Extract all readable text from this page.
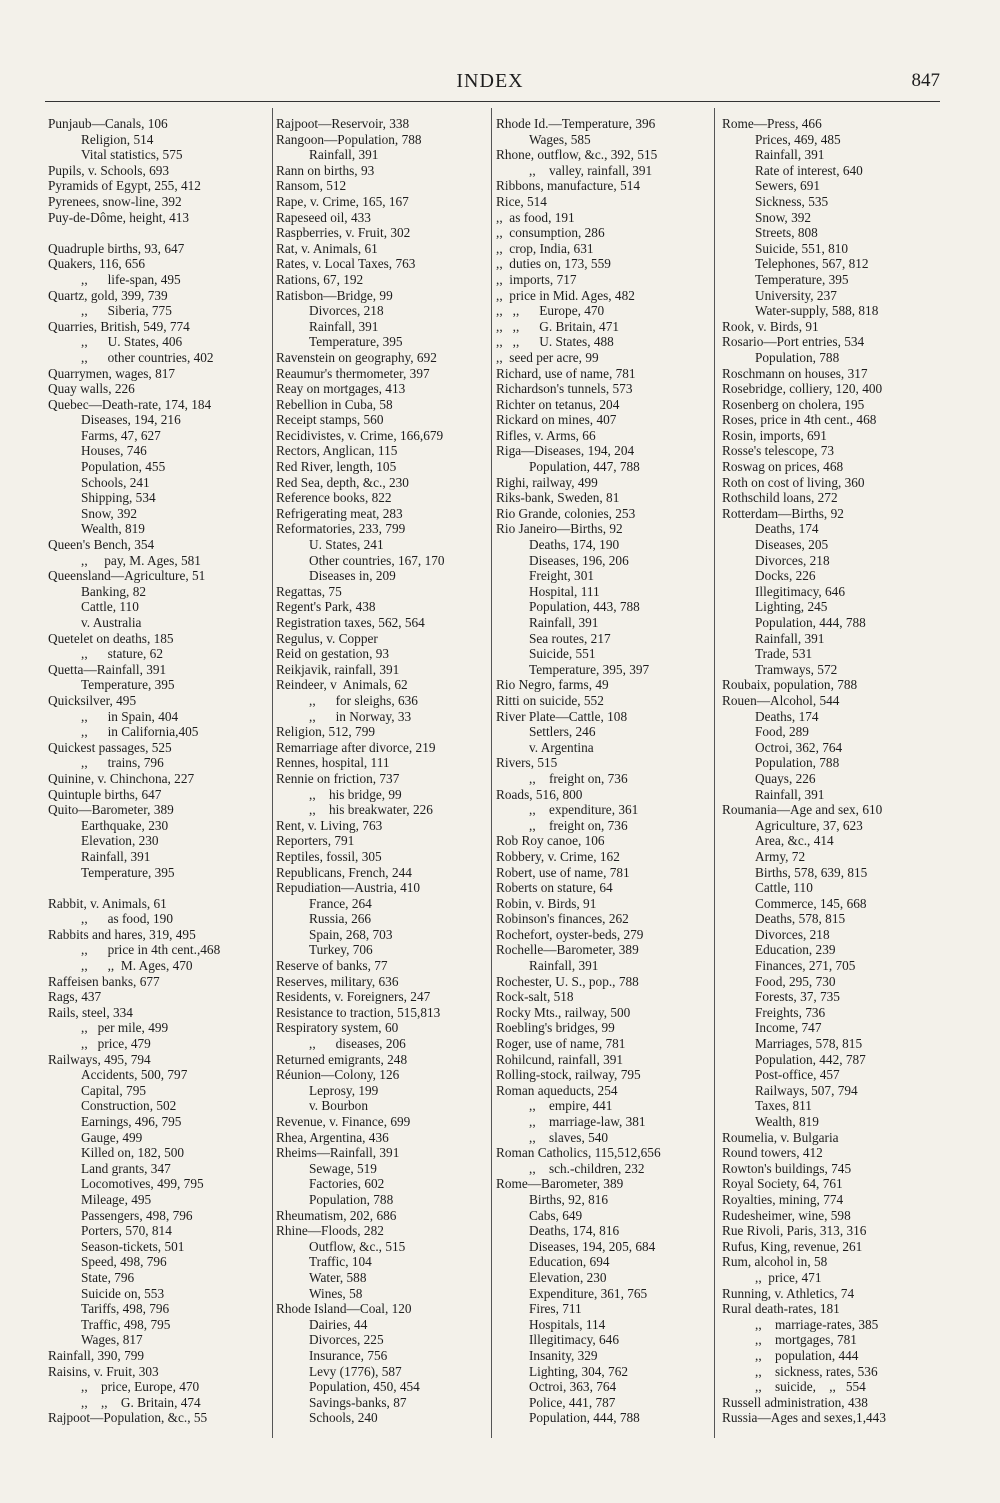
INDEX	847
Punjaub—Canals, 106
Religion, 514
Vital statistics, 575
Pupils, v. Schools, 693
Pyramids of Egypt, 255, 412
Pyrenees, snow-line, 392
Puy-de-Dôme, height, 413
Quadruple births, 93, 647
Quakers, 116, 656
,,      life-span, 495
Quartz, gold, 399, 739
,,      Siberia, 775
Quarries, British, 549, 774
,,      U. States, 406
,,      other countries, 402
Quarrymen, wages, 817
Quay walls, 226
Quebec—Death-rate, 174, 184
Diseases, 194, 216
Farms, 47, 627
Houses, 746
Population, 455
Schools, 241
Shipping, 534
Snow, 392
Wealth, 819
Queen's Bench, 354
,,     pay, M. Ages, 581
Queensland—Agriculture, 51
Banking, 82
Cattle, 110
v. Australia
Quetelet on deaths, 185
,,      stature, 62
Quetta—Rainfall, 391
Temperature, 395
Quicksilver, 495
,,      in Spain, 404
,,      in California,405
Quickest passages, 525
,,      trains, 796
Quinine, v. Chinchona, 227
Quintuple births, 647
Quito—Barometer, 389
Earthquake, 230
Elevation, 230
Rainfall, 391
Temperature, 395
Rabbit, v. Animals, 61
,,      as food, 190
Rabbits and hares, 319, 495
,,      price in 4th cent.,468
,,      ,,  M. Ages, 470
Raffeisen banks, 677
Rags, 437
Rails, steel, 334
,,   per mile, 499
,,   price, 479
Railways, 495, 794
Accidents, 500, 797
Capital, 795
Construction, 502
Earnings, 496, 795
Gauge, 499
Killed on, 182, 500
Land grants, 347
Locomotives, 499, 795
Mileage, 495
Passengers, 498, 796
Porters, 570, 814
Season-tickets, 501
Speed, 498, 796
State, 796
Suicide on, 553
Tariffs, 498, 796
Traffic, 498, 795
Wages, 817
Rainfall, 390, 799
Raisins, v. Fruit, 303
,,    price, Europe, 470
,,    ,,    G. Britain, 474
Rajpoot—Population, &c., 55
Rajpoot—Reservoir, 338
Rangoon—Population, 788
Rainfall, 391
Rann on births, 93
Ransom, 512
Rape, v. Crime, 165, 167
Rapeseed oil, 433
Raspberries, v. Fruit, 302
Rat, v. Animals, 61
Rates, v. Local Taxes, 763
Rations, 67, 192
Ratisbon—Bridge, 99
Divorces, 218
Rainfall, 391
Temperature, 395
Ravenstein on geography, 692
Reaumur's thermometer, 397
Reay on mortgages, 413
Rebellion in Cuba, 58
Receipt stamps, 560
Recidivistes, v. Crime, 166,679
Rectors, Anglican, 115
Red River, length, 105
Red Sea, depth, &c., 230
Reference books, 822
Refrigerating meat, 283
Reformatories, 233, 799
U. States, 241
Other countries, 167, 170
Diseases in, 209
Regattas, 75
Regent's Park, 438
Registration taxes, 562, 564
Regulus, v. Copper
Reid on gestation, 93
Reikjavik, rainfall, 391
Reindeer, v  Animals, 62
,,      for sleighs, 636
,,      in Norway, 33
Religion, 512, 799
Remarriage after divorce, 219
Rennes, hospital, 111
Rennie on friction, 737
,,    his bridge, 99
,,    his breakwater, 226
Rent, v. Living, 763
Reporters, 791
Reptiles, fossil, 305
Republicans, French, 244
Repudiation—Austria, 410
France, 264
Russia, 266
Spain, 268, 703
Turkey, 706
Reserve of banks, 77
Reserves, military, 636
Residents, v. Foreigners, 247
Resistance to traction, 515,813
Respiratory system, 60
,,      diseases, 206
Returned emigrants, 248
Réunion—Colony, 126
Leprosy, 199
v. Bourbon
Revenue, v. Finance, 699
Rhea, Argentina, 436
Rheims—Rainfall, 391
Sewage, 519
Factories, 602
Population, 788
Rheumatism, 202, 686
Rhine—Floods, 282
Outflow, &c., 515
Traffic, 104
Water, 588
Wines, 58
Rhode Island—Coal, 120
Dairies, 44
Divorces, 225
Insurance, 756
Levy (1776), 587
Population, 450, 454
Savings-banks, 87
Schools, 240
Rhode Id.—Temperature, 396
Wages, 585
Rhone, outflow, &c., 392, 515
,,    valley, rainfall, 391
Ribbons, manufacture, 514
Rice, 514
,,  as food, 191
,,  consumption, 286
,,  crop, India, 631
,,  duties on, 173, 559
,,  imports, 717
,,  price in Mid. Ages, 482
,,   ,,      Europe, 470
,,   ,,      G. Britain, 471
,,   ,,      U. States, 488
,,  seed per acre, 99
Richard, use of name, 781
Richardson's tunnels, 573
Richter on tetanus, 204
Rickard on mines, 407
Rifles, v. Arms, 66
Riga—Diseases, 194, 204
Population, 447, 788
Righi, railway, 499
Riks-bank, Sweden, 81
Rio Grande, colonies, 253
Rio Janeiro—Births, 92
Deaths, 174, 190
Diseases, 196, 206
Freight, 301
Hospital, 111
Population, 443, 788
Rainfall, 391
Sea routes, 217
Suicide, 551
Temperature, 395, 397
Rio Negro, farms, 49
Ritti on suicide, 552
River Plate—Cattle, 108
Settlers, 246
v. Argentina
Rivers, 515
,,    freight on, 736
Roads, 516, 800
,,    expenditure, 361
,,    freight on, 736
Rob Roy canoe, 106
Robbery, v. Crime, 162
Robert, use of name, 781
Roberts on stature, 64
Robin, v. Birds, 91
Robinson's finances, 262
Rochefort, oyster-beds, 279
Rochelle—Barometer, 389
Rainfall, 391
Rochester, U. S., pop., 788
Rock-salt, 518
Rocky Mts., railway, 500
Roebling's bridges, 99
Roger, use of name, 781
Rohilcund, rainfall, 391
Rolling-stock, railway, 795
Roman aqueducts, 254
,,    empire, 441
,,    marriage-law, 381
,,    slaves, 540
Roman Catholics, 115,512,656
,,    sch.-children, 232
Rome—Barometer, 389
Births, 92, 816
Cabs, 649
Deaths, 174, 816
Diseases, 194, 205, 684
Education, 694
Elevation, 230
Expenditure, 361, 765
Fires, 711
Hospitals, 114
Illegitimacy, 646
Insanity, 329
Lighting, 304, 762
Octroi, 363, 764
Police, 441, 787
Population, 444, 788
Rome—Press, 466
Prices, 469, 485
Rainfall, 391
Rate of interest, 640
Sewers, 691
Sickness, 535
Snow, 392
Streets, 808
Suicide, 551, 810
Telephones, 567, 812
Temperature, 395
University, 237
Water-supply, 588, 818
Rook, v. Birds, 91
Rosario—Port entries, 534
Population, 788
Roschmann on houses, 317
Rosebridge, colliery, 120, 400
Rosenberg on cholera, 195
Roses, price in 4th cent., 468
Rosin, imports, 691
Rosse's telescope, 73
Roswag on prices, 468
Roth on cost of living, 360
Rothschild loans, 272
Rotterdam—Births, 92
Deaths, 174
Diseases, 205
Divorces, 218
Docks, 226
Illegitimacy, 646
Lighting, 245
Population, 444, 788
Rainfall, 391
Trade, 531
Tramways, 572
Roubaix, population, 788
Rouen—Alcohol, 544
Deaths, 174
Food, 289
Octroi, 362, 764
Population, 788
Quays, 226
Rainfall, 391
Roumania—Age and sex, 610
Agriculture, 37, 623
Area, &c., 414
Army, 72
Births, 578, 639, 815
Cattle, 110
Commerce, 145, 668
Deaths, 578, 815
Divorces, 218
Education, 239
Finances, 271, 705
Food, 295, 730
Forests, 37, 735
Freights, 736
Income, 747
Marriages, 578, 815
Population, 442, 787
Post-office, 457
Railways, 507, 794
Taxes, 811
Wealth, 819
Roumelia, v. Bulgaria
Round towers, 412
Rowton's buildings, 745
Royal Society, 64, 761
Royalties, mining, 774
Rudesheimer, wine, 598
Rue Rivoli, Paris, 313, 316
Rufus, King, revenue, 261
Rum, alcohol in, 58
,,  price, 471
Running, v. Athletics, 74
Rural death-rates, 181
,,    marriage-rates, 385
,,    mortgages, 781
,,    population, 444
,,    sickness, rates, 536
,,    suicide,    ,,   554
Russell administration, 438
Russia—Ages and sexes,1,443
